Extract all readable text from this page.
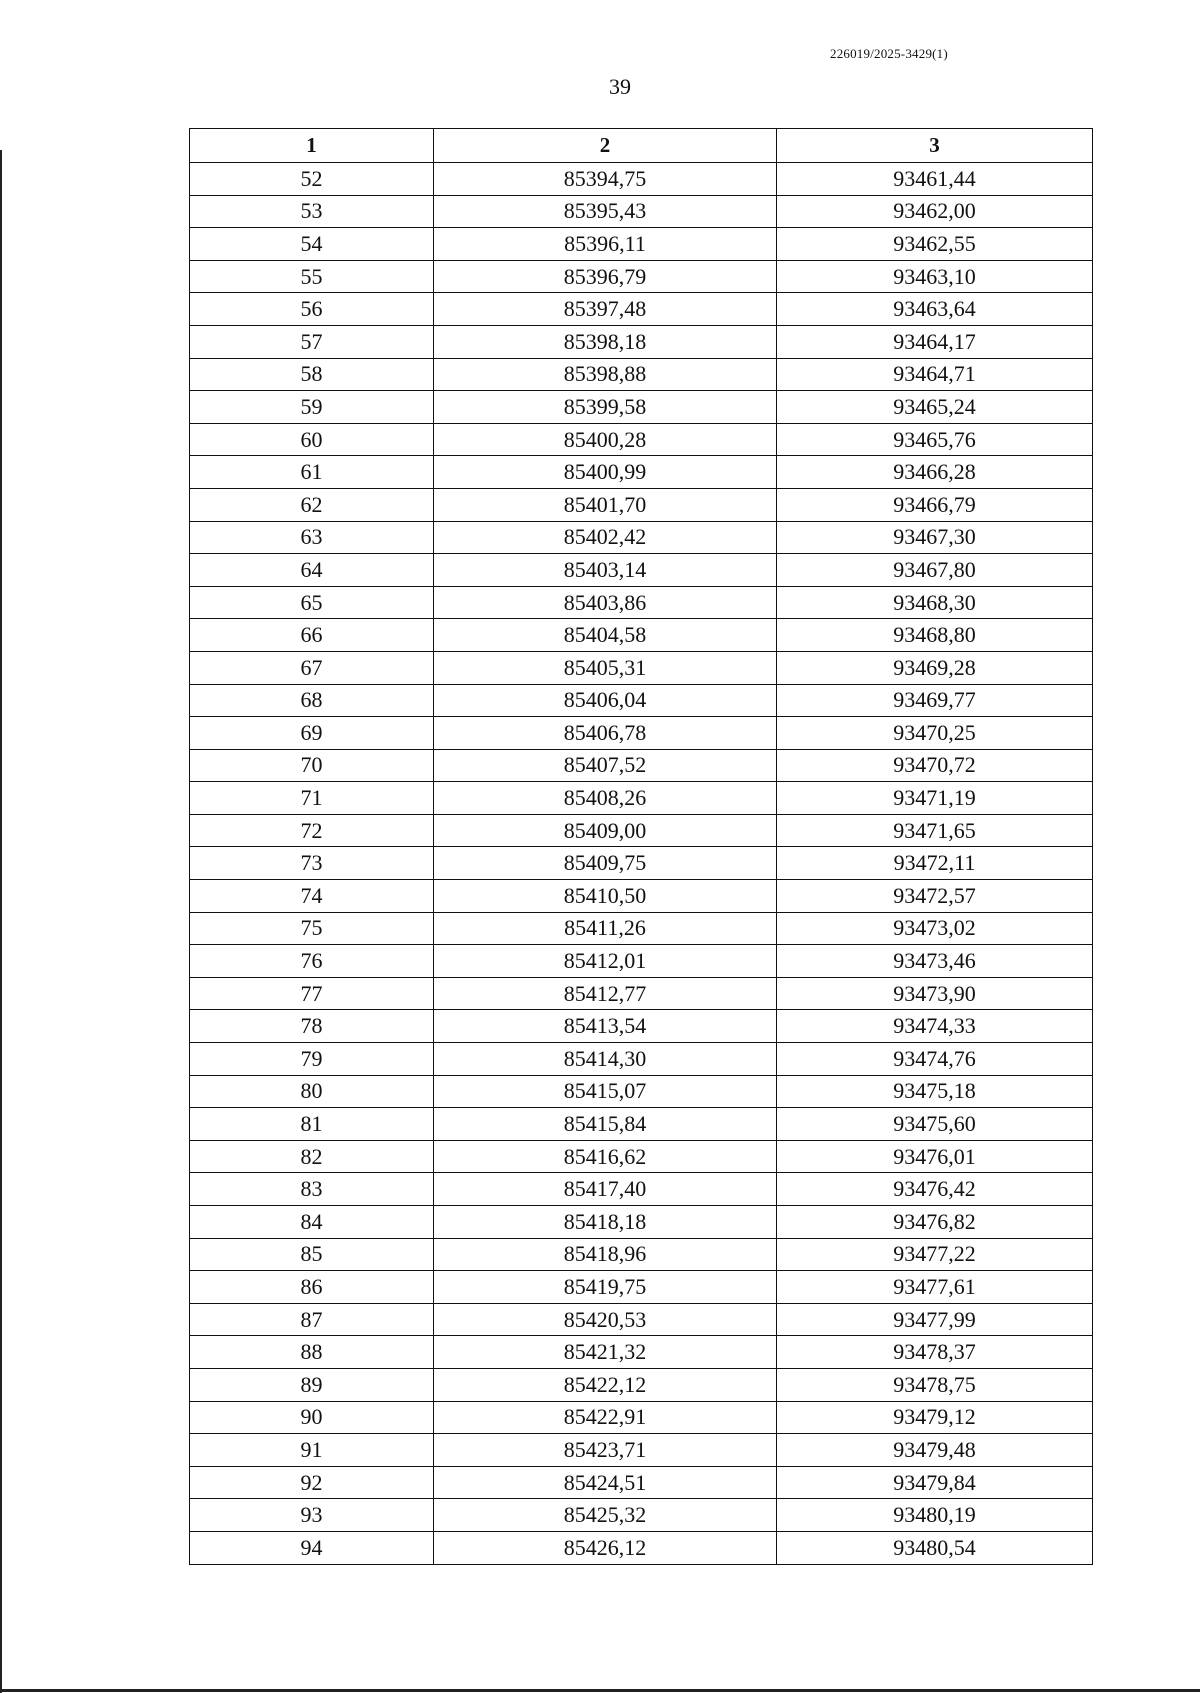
226019/2025-3429(1)
39
1	2	3
52	85394,75	93461,44
53	85395,43	93462,00
54	85396,11	93462,55
55	85396,79	93463,10
56	85397,48	93463,64
57	85398,18	93464,17
58	85398,88	93464,71
59	85399,58	93465,24
60	85400,28	93465,76
61	85400,99	93466,28
62	85401,70	93466,79
63	85402,42	93467,30
64	85403,14	93467,80
65	85403,86	93468,30
66	85404,58	93468,80
67	85405,31	93469,28
68	85406,04	93469,77
69	85406,78	93470,25
70	85407,52	93470,72
71	85408,26	93471,19
72	85409,00	93471,65
73	85409,75	93472,11
74	85410,50	93472,57
75	85411,26	93473,02
76	85412,01	93473,46
77	85412,77	93473,90
78	85413,54	93474,33
79	85414,30	93474,76
80	85415,07	93475,18
81	85415,84	93475,60
82	85416,62	93476,01
83	85417,40	93476,42
84	85418,18	93476,82
85	85418,96	93477,22
86	85419,75	93477,61
87	85420,53	93477,99
88	85421,32	93478,37
89	85422,12	93478,75
90	85422,91	93479,12
91	85423,71	93479,48
92	85424,51	93479,84
93	85425,32	93480,19
94	85426,12	93480,54
